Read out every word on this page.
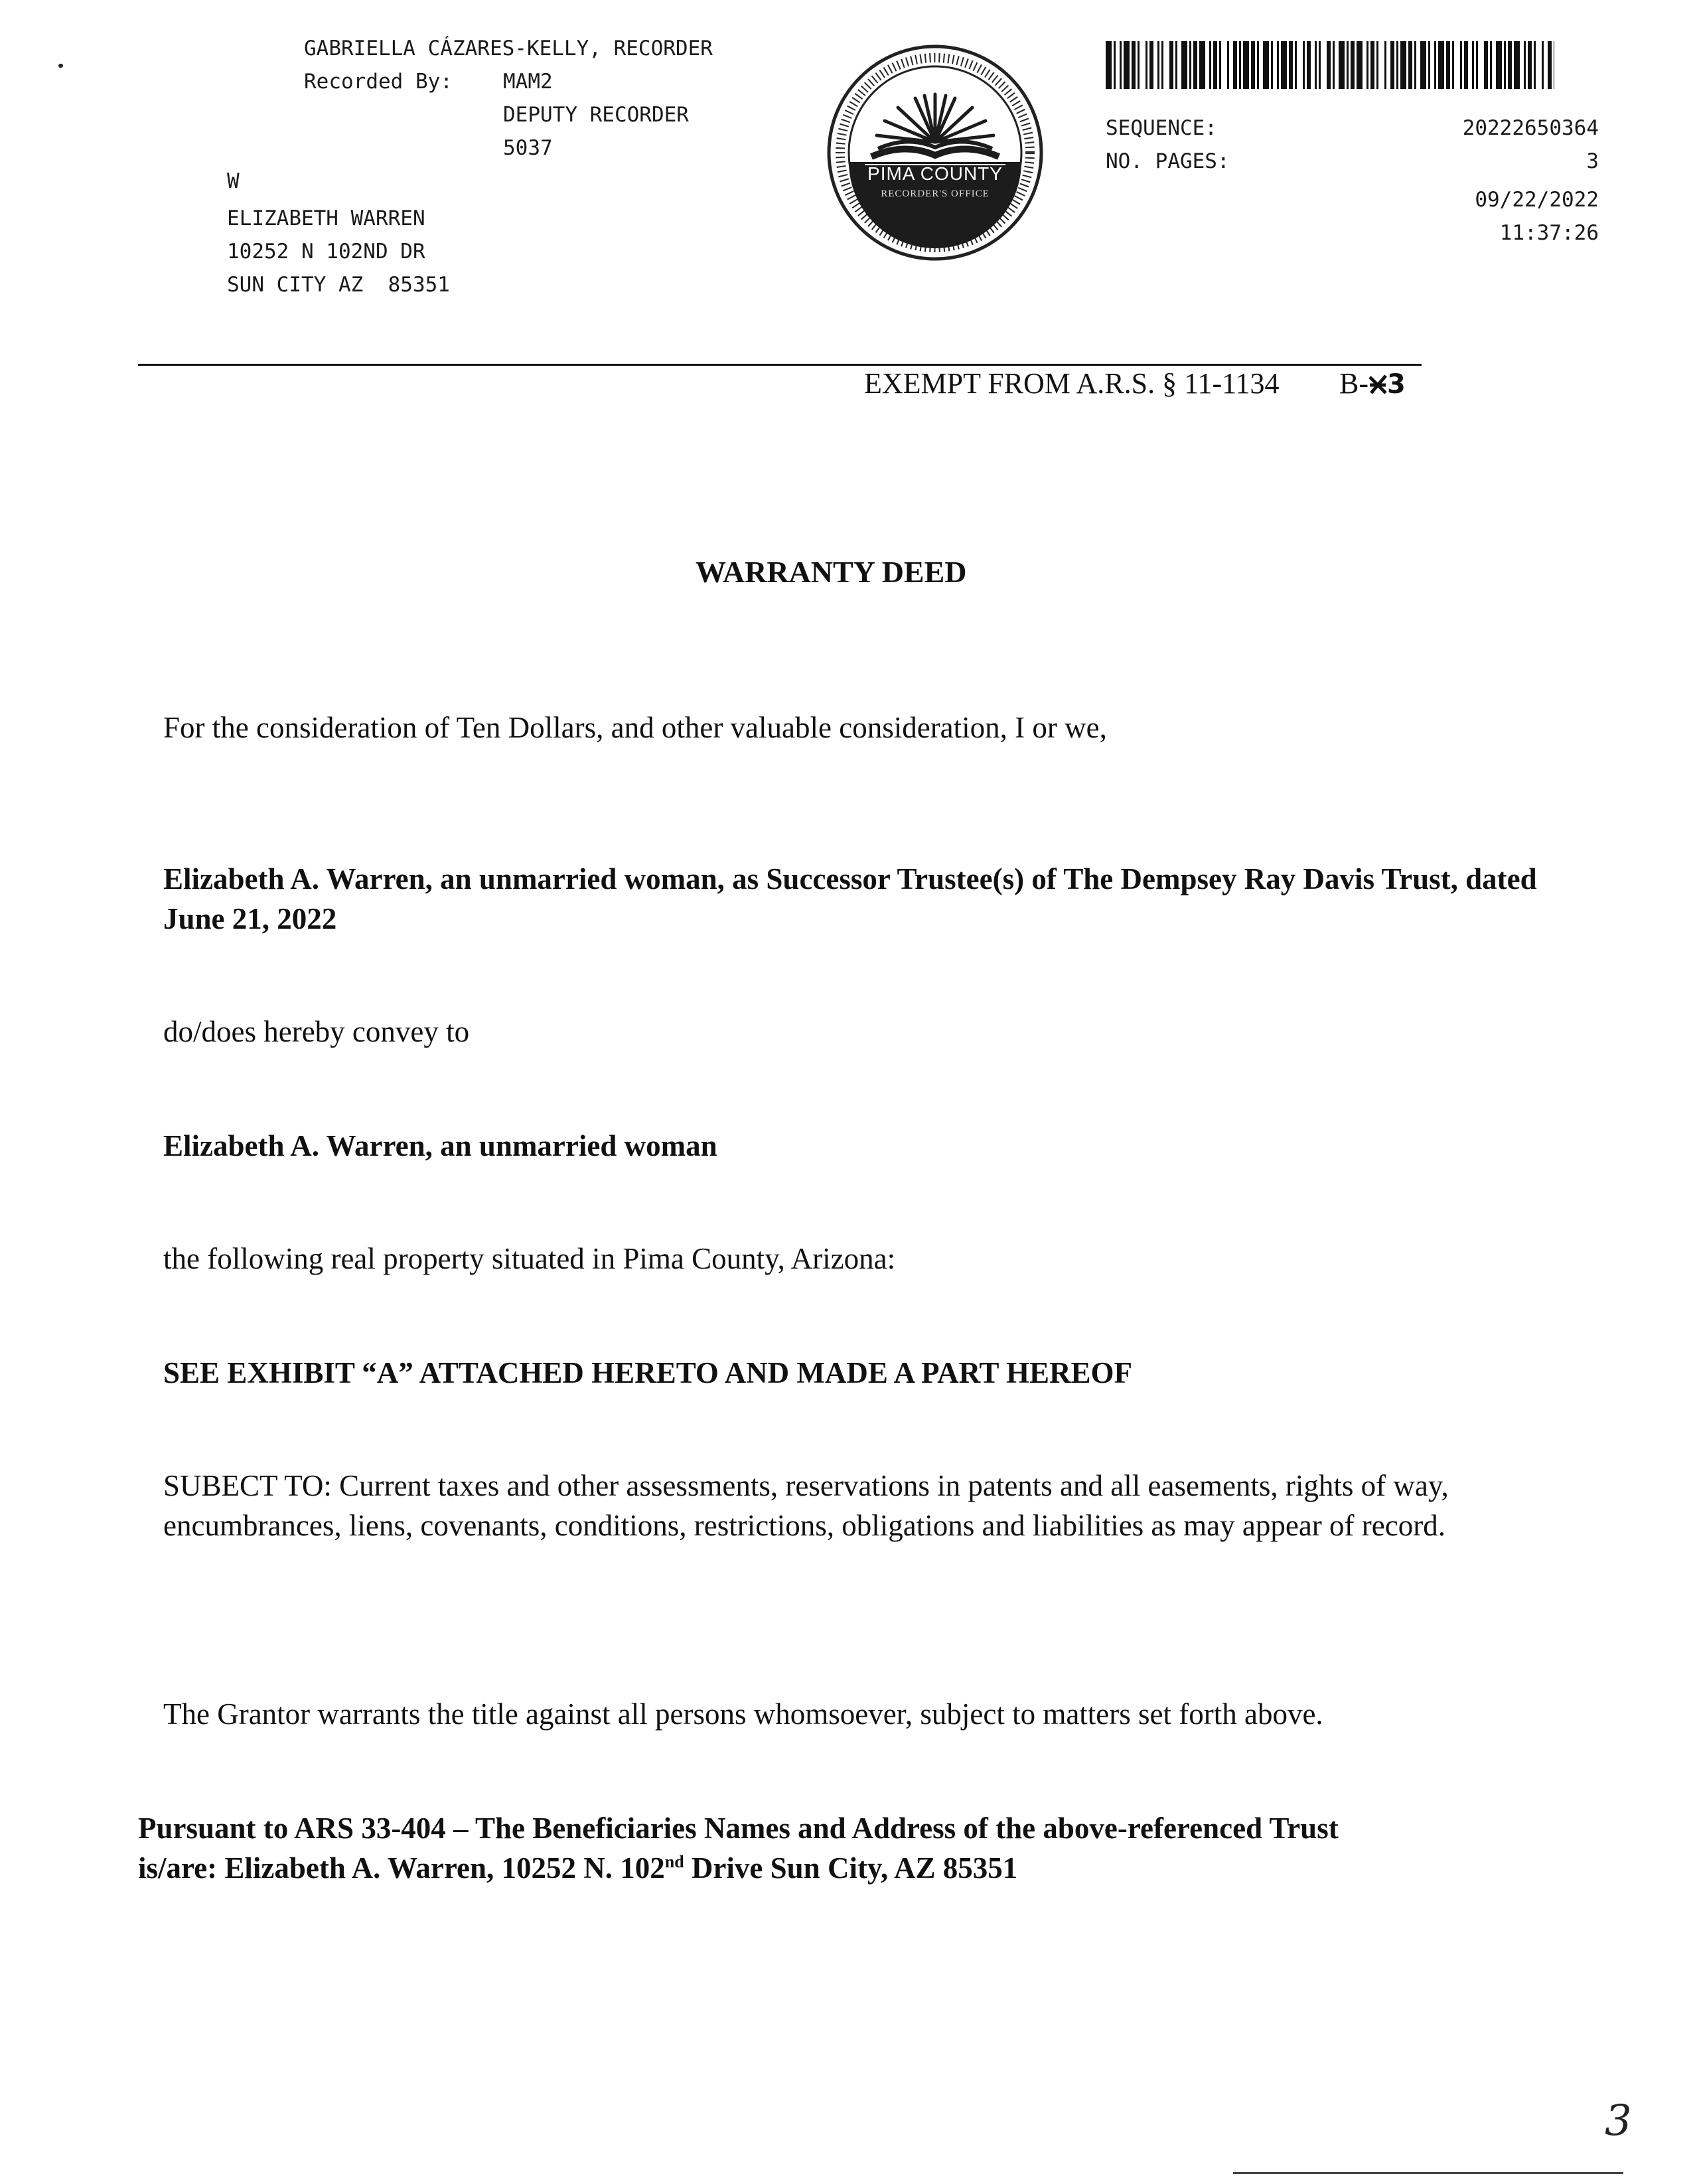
GABRIELLA CÁZARES-KELLY, RECORDER
Recorded By: MAM2
DEPUTY RECORDER
5037
W
ELIZABETH WARREN
10252 N 102ND DR
SUN CITY AZ  85351
PIMA COUNTY
RECORDER'S OFFICE
SEQUENCE:	20222650364
NO. PAGES:	3
09/22/2022
11:37:26
EXEMPT FROM A.R.S. § 11-1134 B- 3
WARRANTY DEED
For the consideration of Ten Dollars, and other valuable consideration, I or we,
Elizabeth A. Warren, an unmarried woman, as Successor Trustee(s) of The Dempsey Ray Davis Trust, dated June 21, 2022
do/does hereby convey to
Elizabeth A. Warren, an unmarried woman
the following real property situated in Pima County, Arizona:
SEE EXHIBIT “A” ATTACHED HERETO AND MADE A PART HEREOF
SUBECT TO: Current taxes and other assessments, reservations in patents and all easements, rights of way, encumbrances, liens, covenants, conditions, restrictions, obligations and liabilities as may appear of record.
The Grantor warrants the title against all persons whomsoever, subject to matters set forth above.
Pursuant to ARS 33-404 – The Beneficiaries Names and Address of the above-referenced Trust
is/are: Elizabeth A. Warren, 10252 N. 102nd Drive Sun City, AZ 85351
3
